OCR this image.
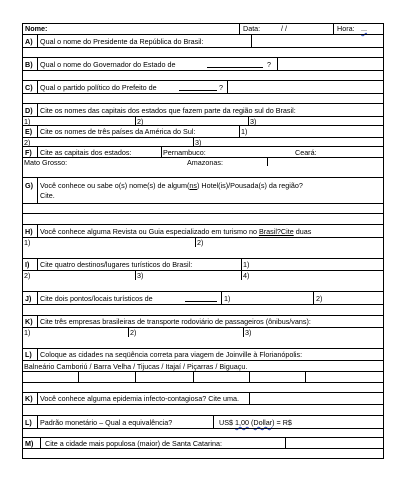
Nome:	Data:	/ /	Hora: ...
A) Qual o nome do Presidente da República do Brasil:
B) Qual o nome do Governador do Estado de	?
C) Qual o partido político do Prefeito de	?
D) Cite os nomes das capitais dos estados que fazem parte da região sul do Brasil:
1)	2)	3)
E) Cite os nomes de três países da América do Sul:	1)
2)	3)
F) Cite as capitais dos estados:	Pernambuco:	Ceará:
Mato Grosso:	Amazonas:
G) Você conhece ou sabe o(s) nome(s) de algum(ns) Hotel(is)/Pousada(s) da região?
Cite.
H) Você conhece alguma Revista ou Guia especializado em turismo no Brasil?Cite duas
1)	2)
I) Cite quatro destinos/lugares turísticos do Brasil:	1)
2)	3)	4)
J) Cite dois pontos/locais turísticos de	1)	2)
K) Cite três empresas brasileiras de transporte rodoviário de passageiros (ônibus/vans):
1)	2)	3)
L) Coloque as cidades na seqüência correta para viagem de Joinville à Florianópolis:
Balneário Camboriú / Barra Velha / Tijucas / Itajaí / Piçarras / Biguaçu.
K) Você conhece alguma epidemia infecto-contagiosa? Cite uma.
L) Padrão monetário – Qual a equivalência?	US$ 1,00 (Dollar) = R$
M) Cite a cidade mais populosa (maior) de Santa Catarina:
